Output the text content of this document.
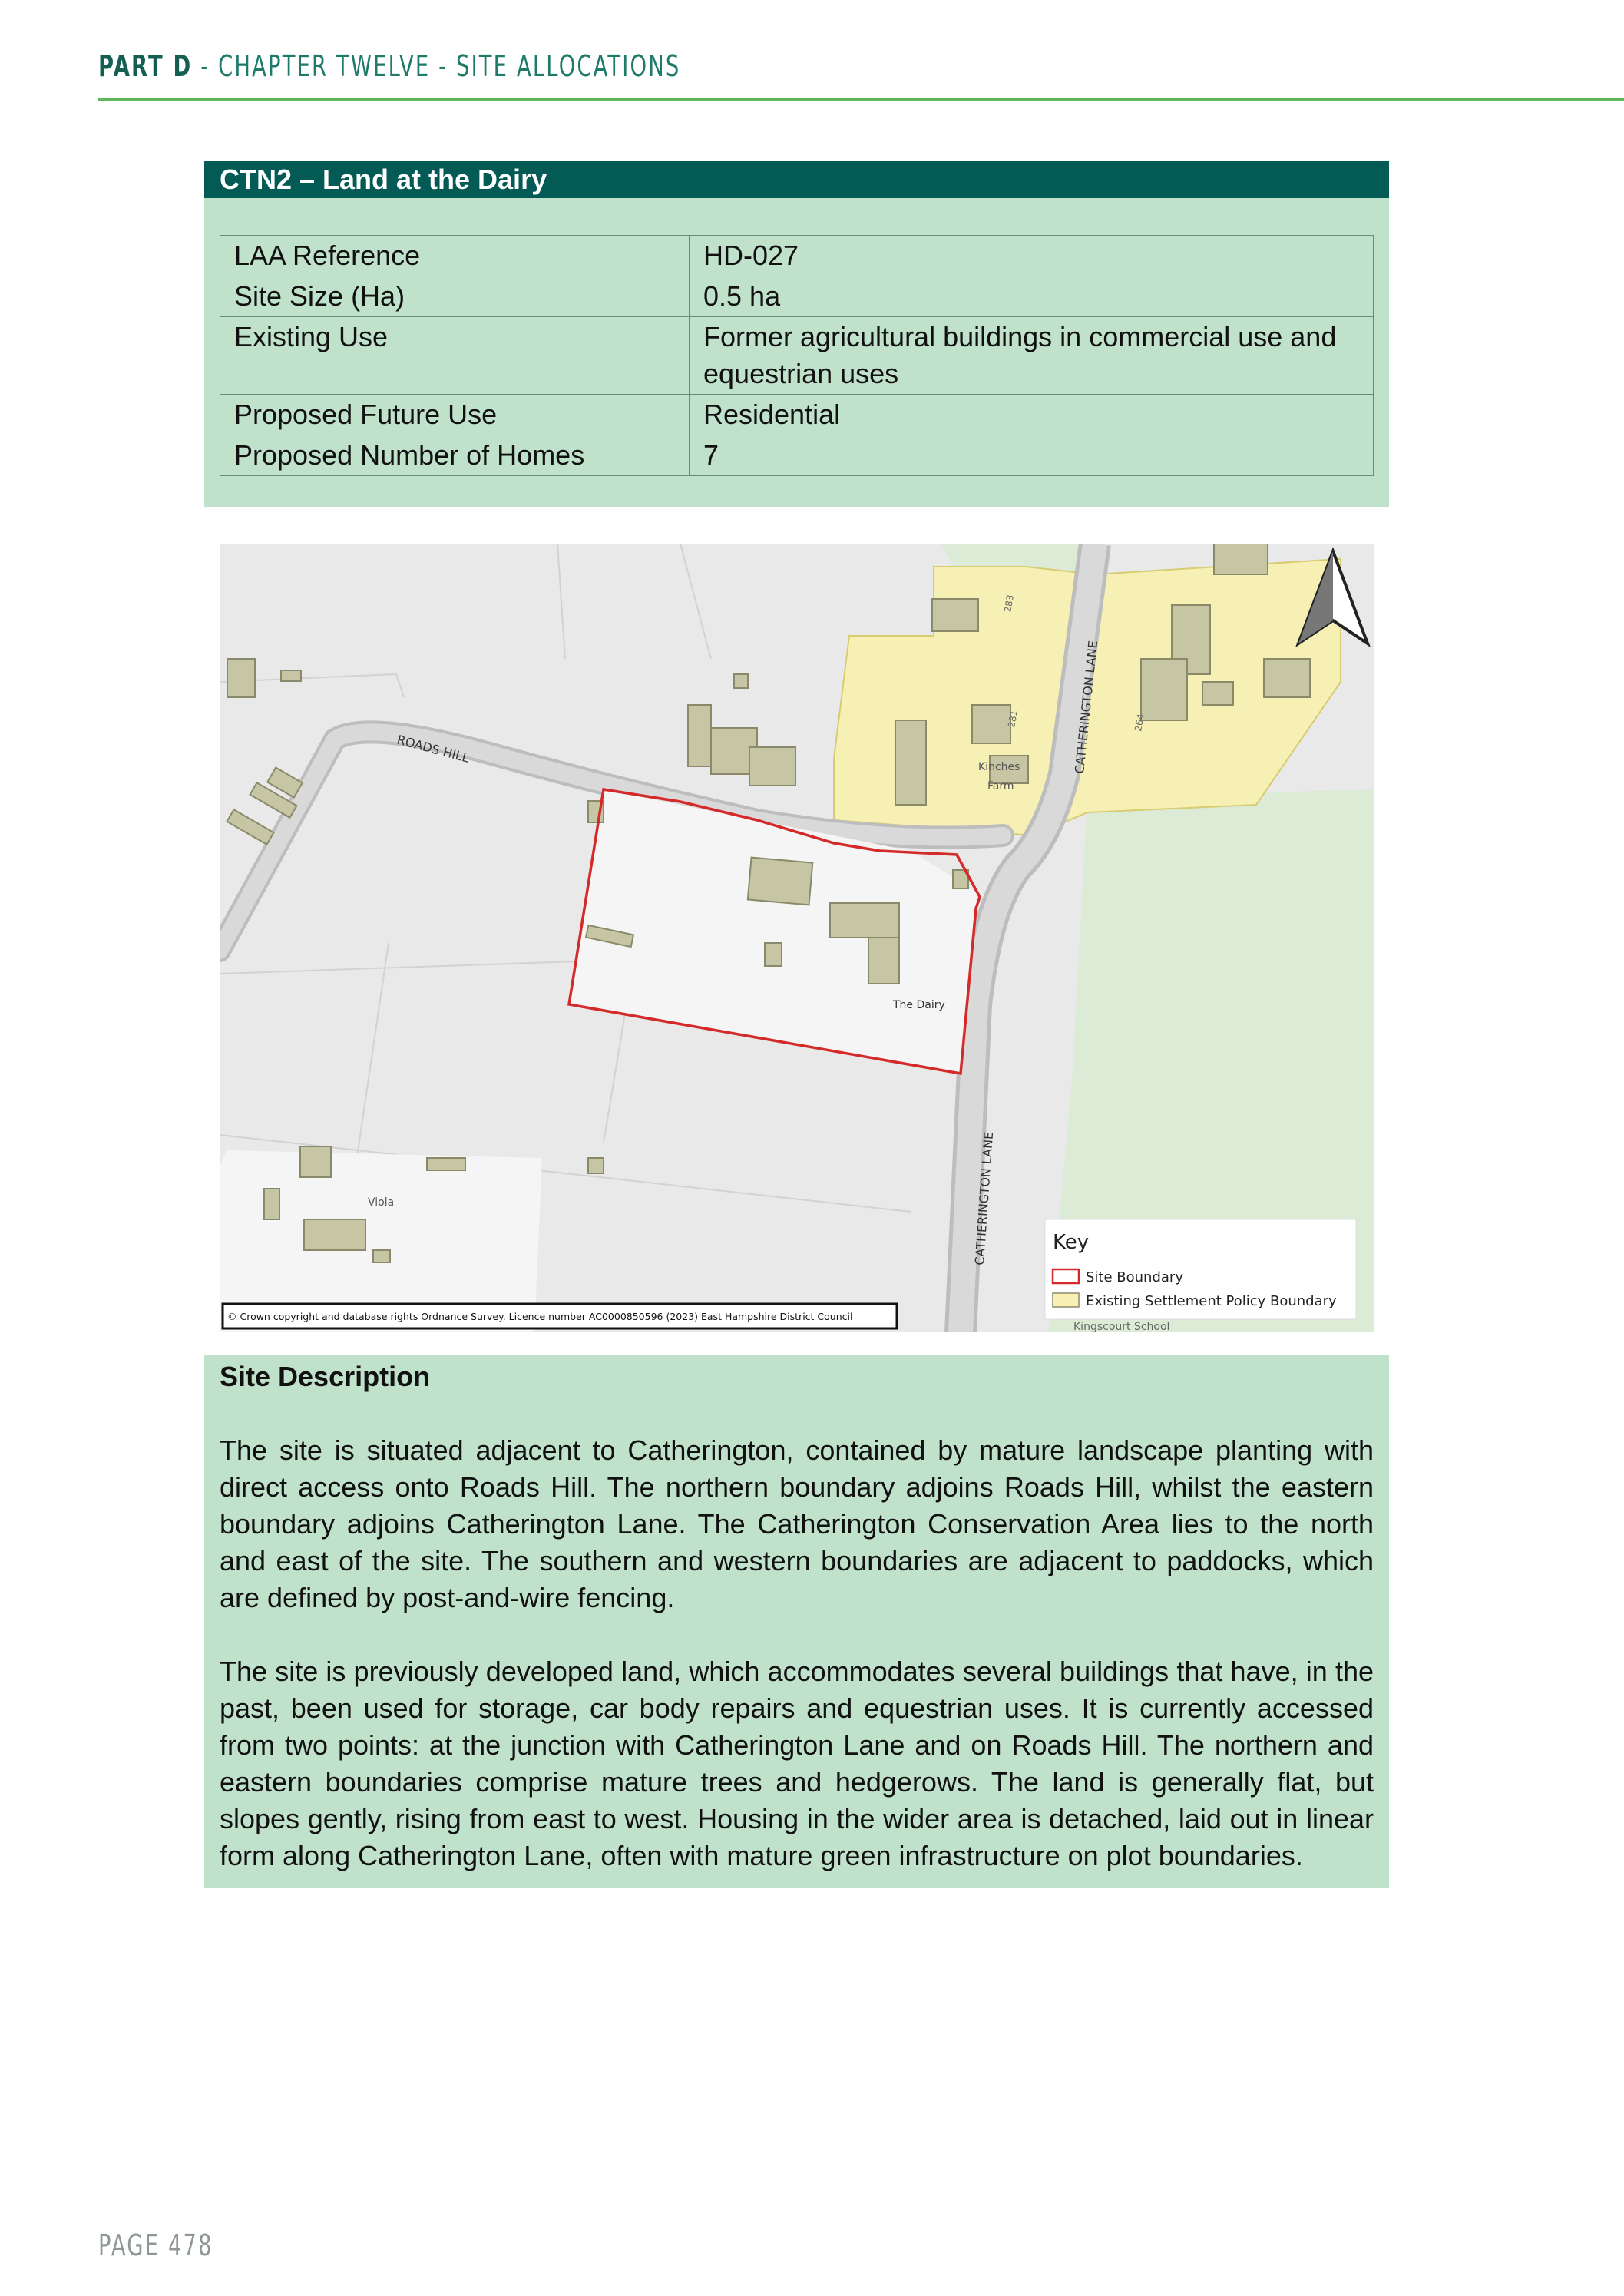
PART D - CHAPTER TWELVE - SITE ALLOCATIONS
CTN2 – Land at the Dairy
LAA Reference	HD-027
Site Size (Ha)	0.5 ha
Existing Use	Former agricultural buildings in commercial use and equestrian uses
Proposed Future Use	Residential
Proposed Number of Homes	7
ROADS HILL	CATHERINGTON LANE
CATHERINGTON LANE
Kinches
Farm
The Dairy
Viola
283
281	264
Key
Site Boundary
Existing Settlement Policy Boundary
Kingscourt School
© Crown copyright and database rights Ordnance Survey. Licence number AC0000850596 (2023) East Hampshire District Council
Site Description

The site is situated adjacent to Catherington, contained by mature landscape planting with direct access onto Roads Hill. The northern boundary adjoins Roads Hill, whilst the eastern boundary adjoins Catherington Lane. The Catherington Conservation Area lies to the north and east of the site. The southern and western boundaries are adjacent to paddocks, which are defined by post-and-wire fencing.

The site is previously developed land, which accommodates several buildings that have, in the past, been used for storage, car body repairs and equestrian uses. It is currently accessed from two points: at the junction with Catherington Lane and on Roads Hill. The northern and eastern boundaries comprise mature trees and hedgerows. The land is generally flat, but slopes gently, rising from east to west. Housing in the wider area is detached, laid out in linear form along Catherington Lane, often with mature green infrastructure on plot boundaries.

PAGE 478
